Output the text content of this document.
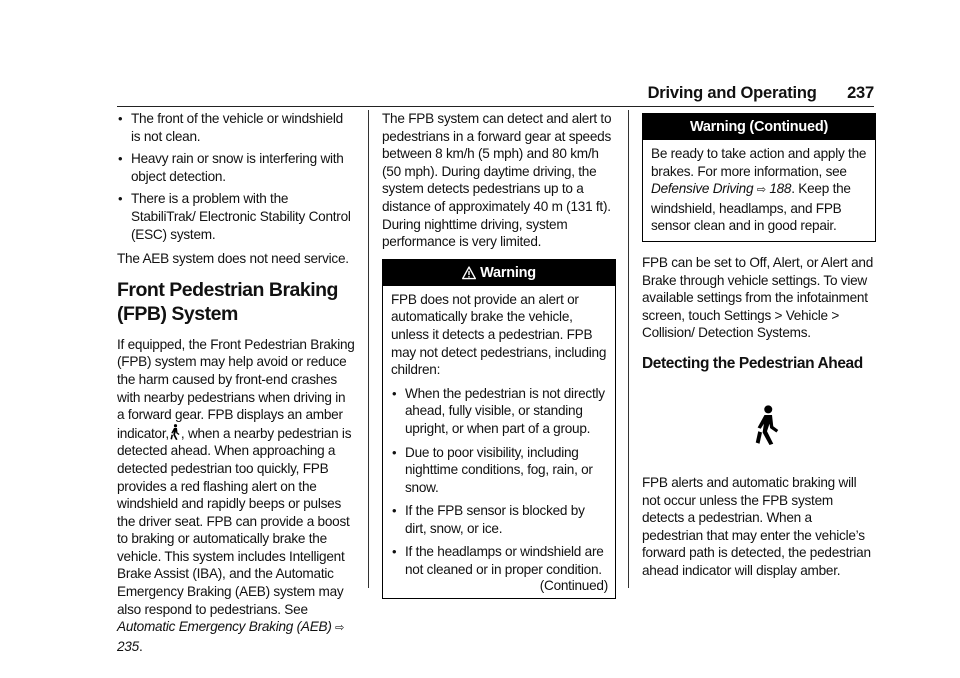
Driving and Operating 237
• The front of the vehicle or windshield is not clean.
• Heavy rain or snow is interfering with object detection.
• There is a problem with the StabiliTrak/ Electronic Stability Control (ESC) system.

The AEB system does not need service.

Front Pedestrian Braking (FPB) System

If equipped, the Front Pedestrian Braking (FPB) system may help avoid or reduce the harm caused by front-end crashes with nearby pedestrians when driving in a forward gear. FPB displays an amber indicator, , when a nearby pedestrian is detected ahead. When approaching a detected pedestrian too quickly, FPB provides a red flashing alert on the windshield and rapidly beeps or pulses the driver seat. FPB can provide a boost to braking or automatically brake the vehicle. This system includes Intelligent Brake Assist (IBA), and the Automatic Emergency Braking (AEB) system may also respond to pedestrians. See Automatic Emergency Braking (AEB) ⇨ 235.

The FPB system can detect and alert to pedestrians in a forward gear at speeds between 8 km/h (5 mph) and 80 km/h (50 mph). During daytime driving, the system detects pedestrians up to a distance of approximately 40 m (131 ft). During nighttime driving, system performance is very limited.

Warning

FPB does not provide an alert or automatically brake the vehicle, unless it detects a pedestrian. FPB may not detect pedestrians, including children:

• When the pedestrian is not directly ahead, fully visible, or standing upright, or when part of a group.
• Due to poor visibility, including nighttime conditions, fog, rain, or snow.
• If the FPB sensor is blocked by dirt, snow, or ice.
• If the headlamps or windshield are not cleaned or in proper condition.
(Continued)
Warning (Continued)

Be ready to take action and apply the brakes. For more information, see Defensive Driving ⇨ 188. Keep the windshield, headlamps, and FPB sensor clean and in good repair.

FPB can be set to Off, Alert, or Alert and Brake through vehicle settings. To view available settings from the infotainment screen, touch Settings > Vehicle > Collision/ Detection Systems.

Detecting the Pedestrian Ahead

FPB alerts and automatic braking will not occur unless the FPB system detects a pedestrian. When a pedestrian that may enter the vehicle’s forward path is detected, the pedestrian ahead indicator will display amber.
